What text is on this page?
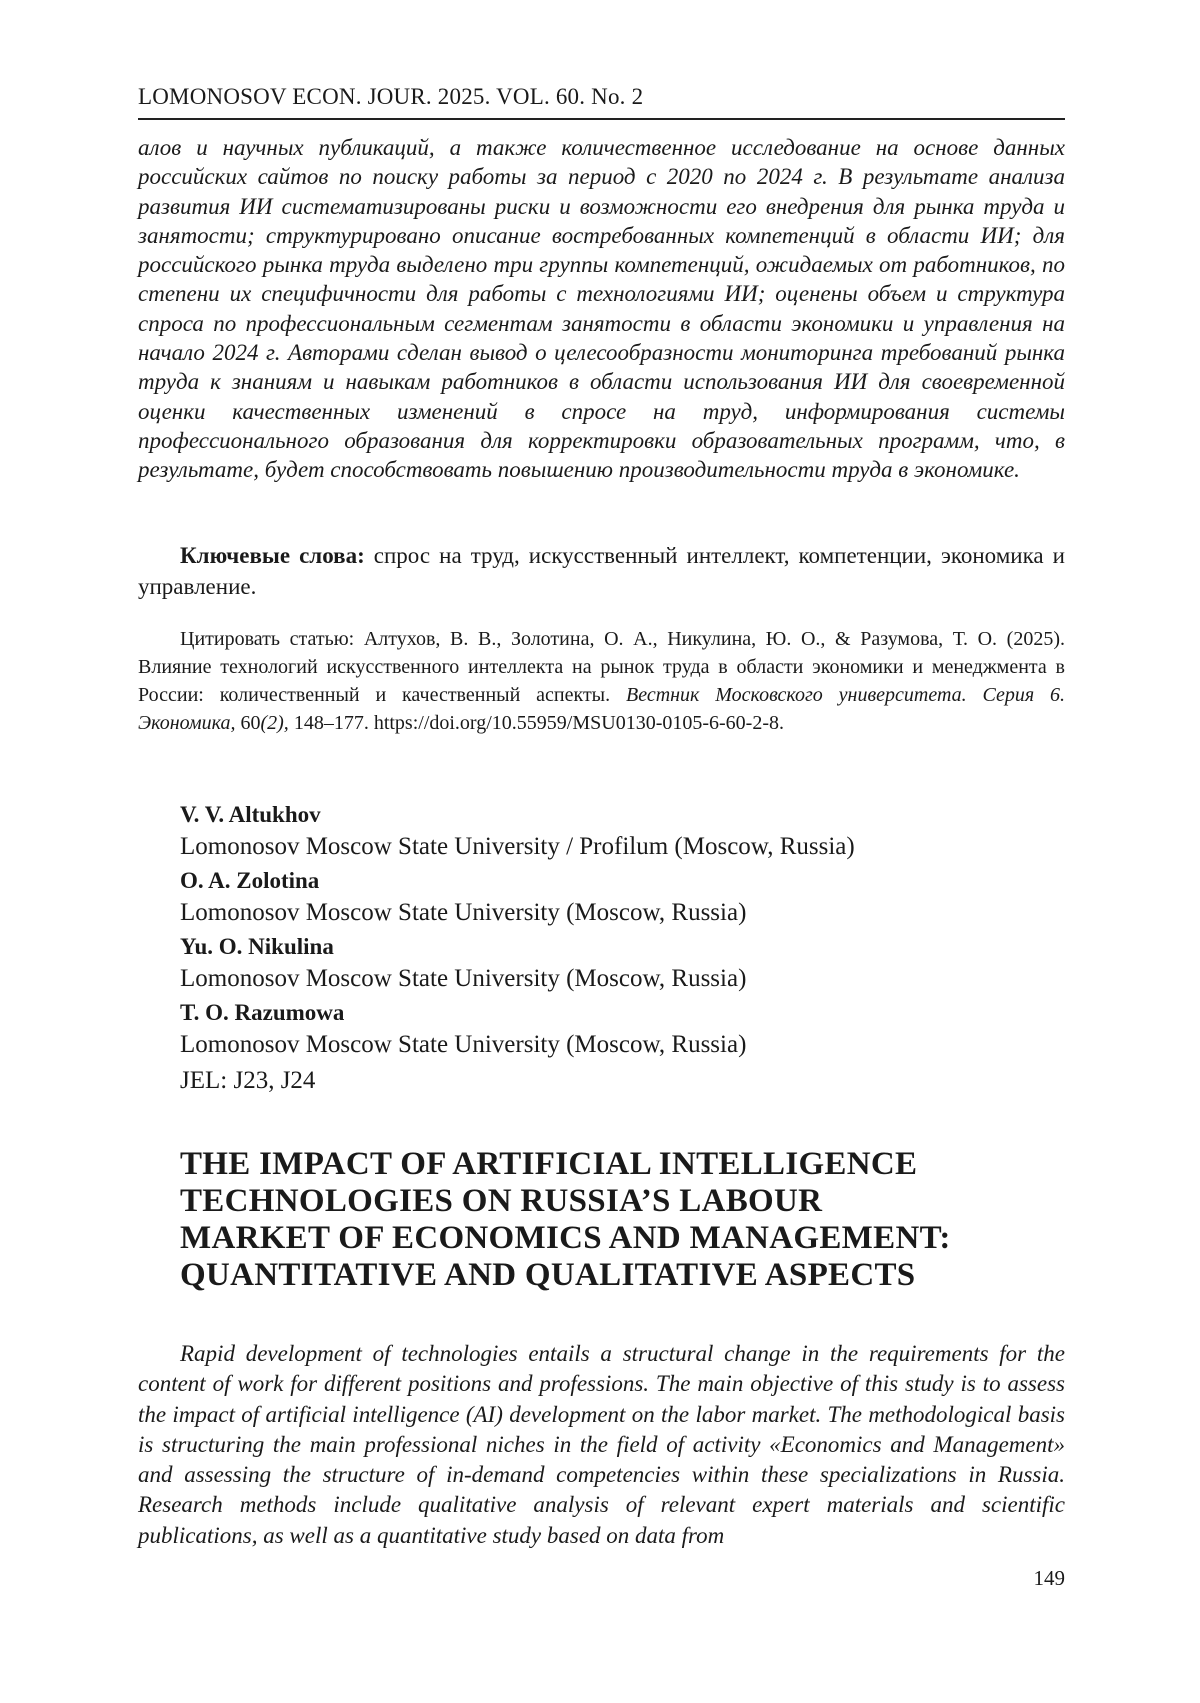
LOMONOSOV ECON. JOUR. 2025. VOL. 60. No. 2
алов и научных публикаций, а также количественное исследование на основе данных российских сайтов по поиску работы за период с 2020 по 2024 г. В результате анализа развития ИИ систематизированы риски и возможности его внедрения для рынка труда и занятости; структурировано описание востребованных компетенций в области ИИ; для российского рынка труда выделено три группы компетенций, ожидаемых от работников, по степени их специфичности для работы с технологиями ИИ; оценены объем и структура спроса по профессиональным сегментам занятости в области экономики и управления на начало 2024 г. Авторами сделан вывод о целесообразности мониторинга требований рынка труда к знаниям и навыкам работников в области использования ИИ для своевременной оценки качественных изменений в спросе на труд, информирования системы профессионального образования для корректировки образовательных программ, что, в результате, будет способствовать повышению производительности труда в экономике.
Ключевые слова: спрос на труд, искусственный интеллект, компетенции, экономика и управление.
Цитировать статью: Алтухов, В. В., Золотина, О. А., Никулина, Ю. О., & Разумова, Т. О. (2025). Влияние технологий искусственного интеллекта на рынок труда в области экономики и менеджмента в России: количественный и качественный аспекты. Вестник Московского университета. Серия 6. Экономика, 60(2), 148–177. https://doi.org/10.55959/MSU0130-0105-6-60-2-8.
V. V. Altukhov
Lomonosov Moscow State University / Profilum (Moscow, Russia)
O. A. Zolotina
Lomonosov Moscow State University (Moscow, Russia)
Yu. O. Nikulina
Lomonosov Moscow State University (Moscow, Russia)
T. O. Razumowa
Lomonosov Moscow State University (Moscow, Russia)
JEL: J23, J24
THE IMPACT OF ARTIFICIAL INTELLIGENCE
TECHNOLOGIES ON RUSSIA’S LABOUR
MARKET OF ECONOMICS AND MANAGEMENT:
QUANTITATIVE AND QUALITATIVE ASPECTS
Rapid development of technologies entails a structural change in the requirements for the content of work for different positions and professions. The main objective of this study is to assess the impact of artificial intelligence (AI) development on the labor market. The methodological basis is structuring the main professional niches in the field of activity «Economics and Management» and assessing the structure of in-demand competencies within these specializations in Russia. Research methods include qualitative analysis of relevant expert materials and scientific publications, as well as a quantitative study based on data from
149
